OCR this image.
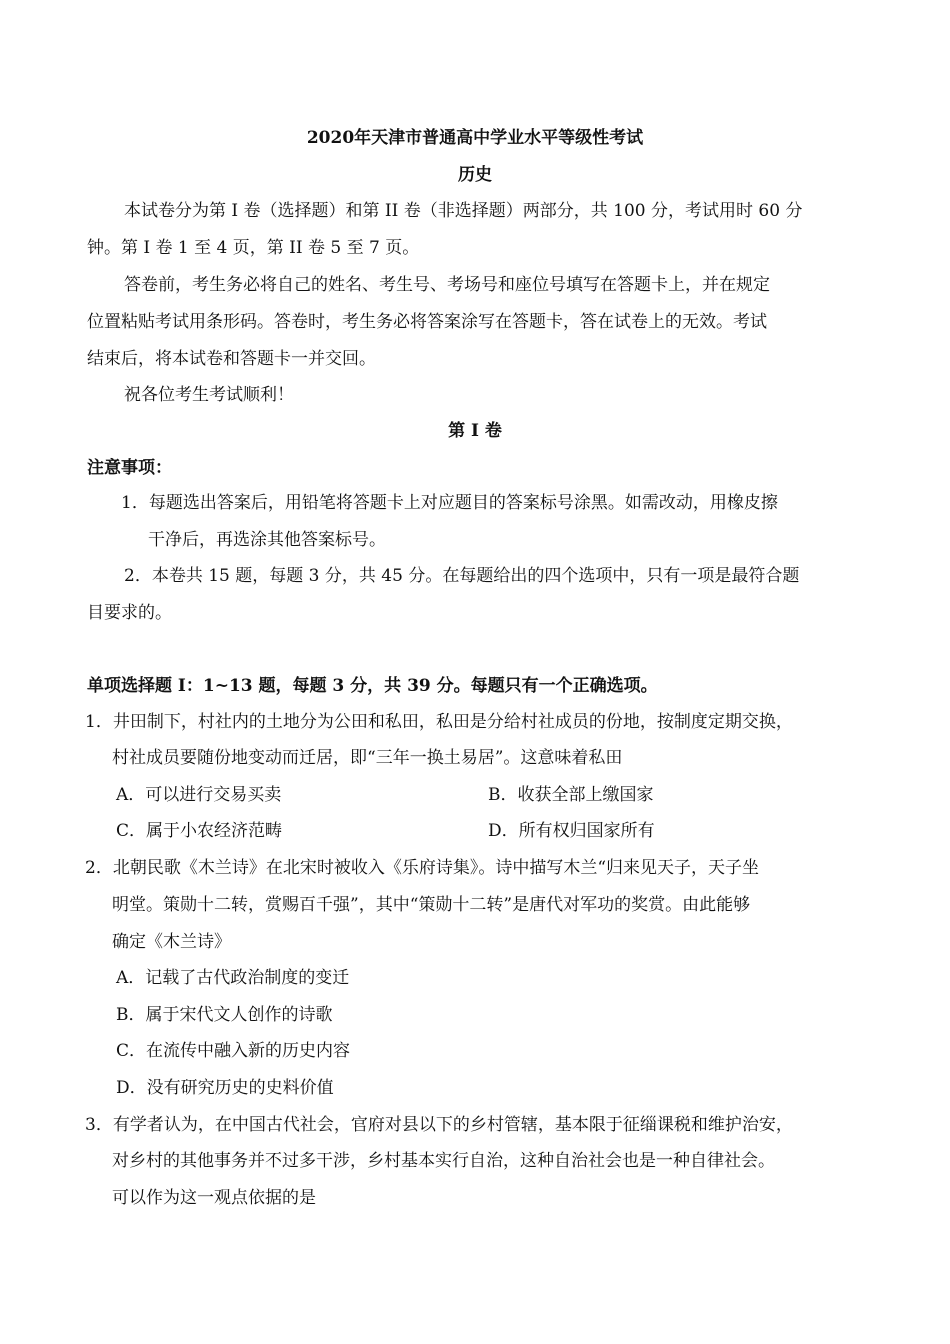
2020年天津市普通高中学业水平等级性考试
历史
本试卷分为第 I 卷（选择题）和第 II 卷（非选择题）两部分，共 100 分，考试用时 60 分
钟。第 I 卷 1 至 4 页，第 II 卷 5 至 7 页。
答卷前，考生务必将自己的姓名、考生号、考场号和座位号填写在答题卡上，并在规定
位置粘贴考试用条形码。答卷时，考生务必将答案涂写在答题卡，答在试卷上的无效。考试
结束后，将本试卷和答题卡一并交回。
祝各位考生考试顺利！
第 I 卷
注意事项：
1．每题选出答案后，用铅笔将答题卡上对应题目的答案标号涂黑。如需改动，用橡皮擦
干净后，再选涂其他答案标号。
2．本卷共 15 题，每题 3 分，共 45 分。在每题给出的四个选项中，只有一项是最符合题
目要求的。
单项选择题 I：1~13 题，每题 3 分，共 39 分。每题只有一个正确选项。
1．井田制下，村社内的土地分为公田和私田，私田是分给村社成员的份地，按制度定期交换，
村社成员要随份地变动而迁居，即“三年一换土易居”。这意味着私田
A．可以进行交易买卖	B．收获全部上缴国家
C．属于小农经济范畴	D．所有权归国家所有
2．北朝民歌《木兰诗》在北宋时被收入《乐府诗集》。诗中描写木兰“归来见天子，天子坐
明堂。策勋十二转，赏赐百千强”，其中“策勋十二转”是唐代对军功的奖赏。由此能够
确定《木兰诗》
A．记载了古代政治制度的变迁
B．属于宋代文人创作的诗歌
C．在流传中融入新的历史内容
D．没有研究历史的史料价值
3．有学者认为，在中国古代社会，官府对县以下的乡村管辖，基本限于征缁课税和维护治安，
对乡村的其他事务并不过多干涉，乡村基本实行自治，这种自治社会也是一种自律社会。
可以作为这一观点依据的是
